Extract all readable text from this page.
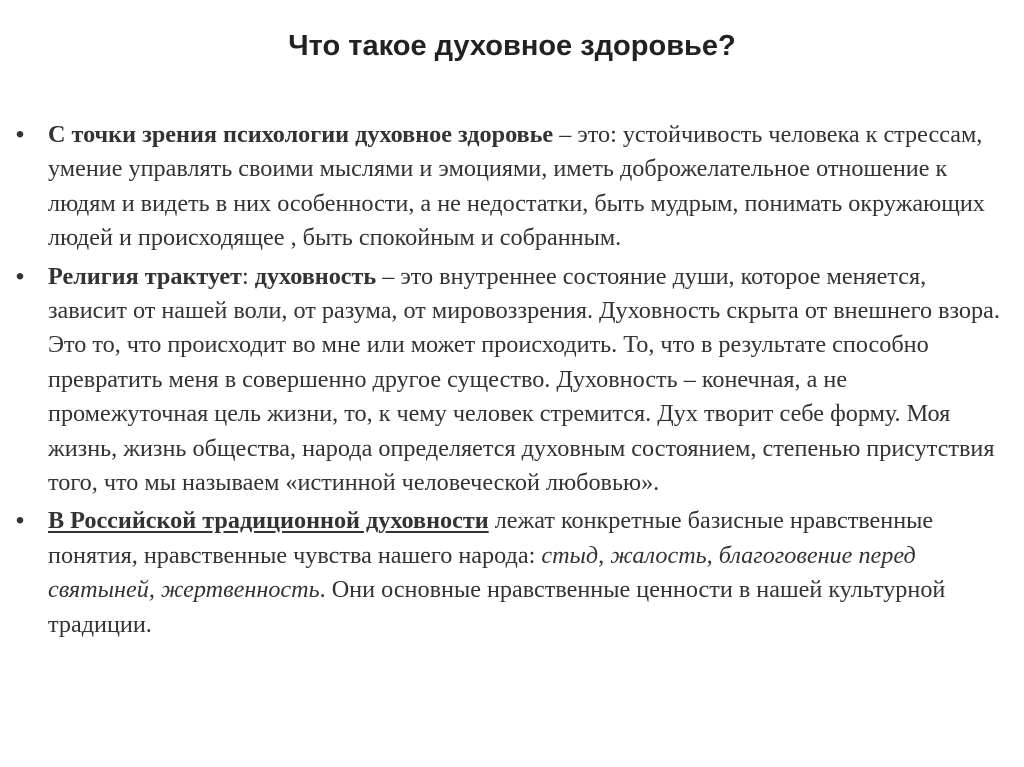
Что такое духовное здоровье?
• С точки зрения психологии духовное здоровье – это: устойчивость человека к стрессам, умение управлять своими мыслями и эмоциями, иметь доброжелательное отношение к людям и видеть в них особенности, а не недостатки, быть мудрым, понимать окружающих людей и происходящее , быть спокойным и собранным.
• Религия трактует: духовность – это внутреннее состояние души, которое меняется, зависит от нашей воли, от разума, от мировоззрения. Духовность скрыта от внешнего взора. Это то, что происходит во мне или может происходить. То, что в результате способно превратить меня в совершенно другое существо. Духовность – конечная, а не промежуточная цель жизни, то, к чему человек стремится. Дух творит себе форму. Моя жизнь, жизнь общества, народа определяется духовным состоянием, степенью присутствия того, что мы называем «истинной человеческой любовью».
• В Российской традиционной духовности лежат конкретные базисные нравственные понятия, нравственные чувства нашего народа: стыд, жалость, благоговение перед святыней, жертвенность. Они основные нравственные ценности в нашей культурной традиции.
